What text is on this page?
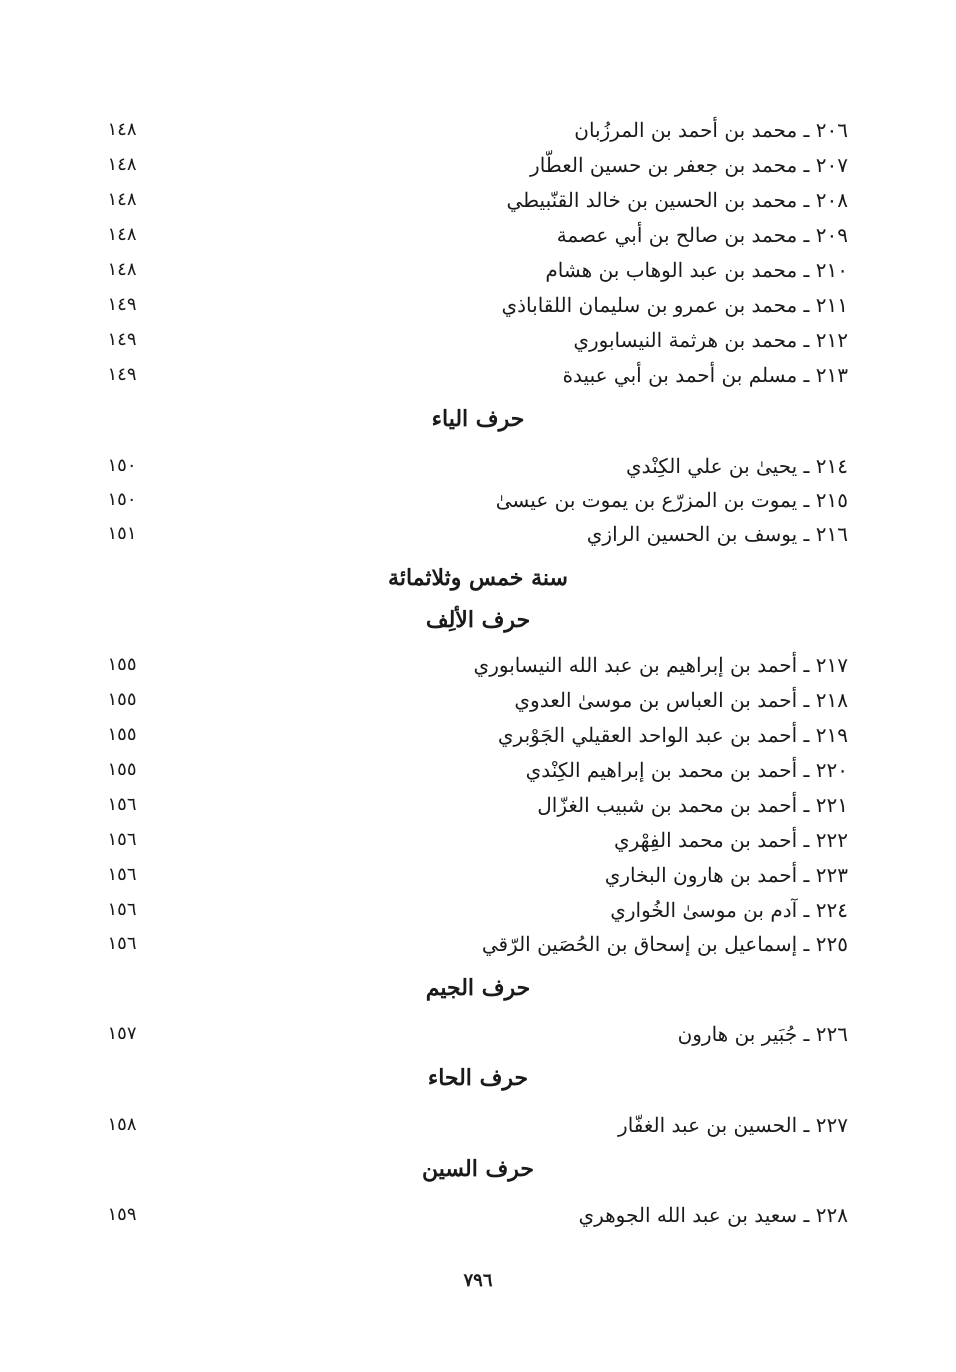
٢٠٦ ـ محمد بن أحمد بن المرزُبان
١٤٨
٢٠٧ ـ محمد بن جعفر بن حسين العطّار
١٤٨
٢٠٨ ـ محمد بن الحسين بن خالد القنّبيطي
١٤٨
٢٠٩ ـ محمد بن صالح بن أبي عصمة
١٤٨
٢١٠ ـ محمد بن عبد الوهاب بن هشام
١٤٨
٢١١ ـ محمد بن عمرو بن سليمان اللقاباذي
١٤٩
٢١٢ ـ محمد بن هرثمة النيسابوري
١٤٩
٢١٣ ـ مسلم بن أحمد بن أبي عبيدة
١٤٩
حرف الياء
٢١٤ ـ يحيىٰ بن علي الكِنْدي
١٥٠
٢١٥ ـ يموت بن المزرّع بن يموت بن عيسىٰ
١٥٠
٢١٦ ـ يوسف بن الحسين الرازي
١٥١
سنة خمس وثلاثمائة
حرف الألِف
٢١٧ ـ أحمد بن إبراهيم بن عبد الله النيسابوري
١٥٥
٢١٨ ـ أحمد بن العباس بن موسىٰ العدوي
١٥٥
٢١٩ ـ أحمد بن عبد الواحد العقيلي الجَوْبري
١٥٥
٢٢٠ ـ أحمد بن محمد بن إبراهيم الكِنْدي
١٥٥
٢٢١ ـ أحمد بن محمد بن شبيب الغزّال
١٥٦
٢٢٢ ـ أحمد بن محمد الفِهْري
١٥٦
٢٢٣ ـ أحمد بن هارون البخاري
١٥٦
٢٢٤ ـ آدم بن موسىٰ الخُواري
١٥٦
٢٢٥ ـ إسماعيل بن إسحاق بن الحُصَين الرّقي
١٥٦
حرف الجيم
٢٢٦ ـ جُبَير بن هارون
١٥٧
حرف الحاء
٢٢٧ ـ الحسين بن عبد الغفّار
١٥٨
حرف السين
٢٢٨ ـ سعيد بن عبد الله الجوهري
١٥٩
٧٩٦
